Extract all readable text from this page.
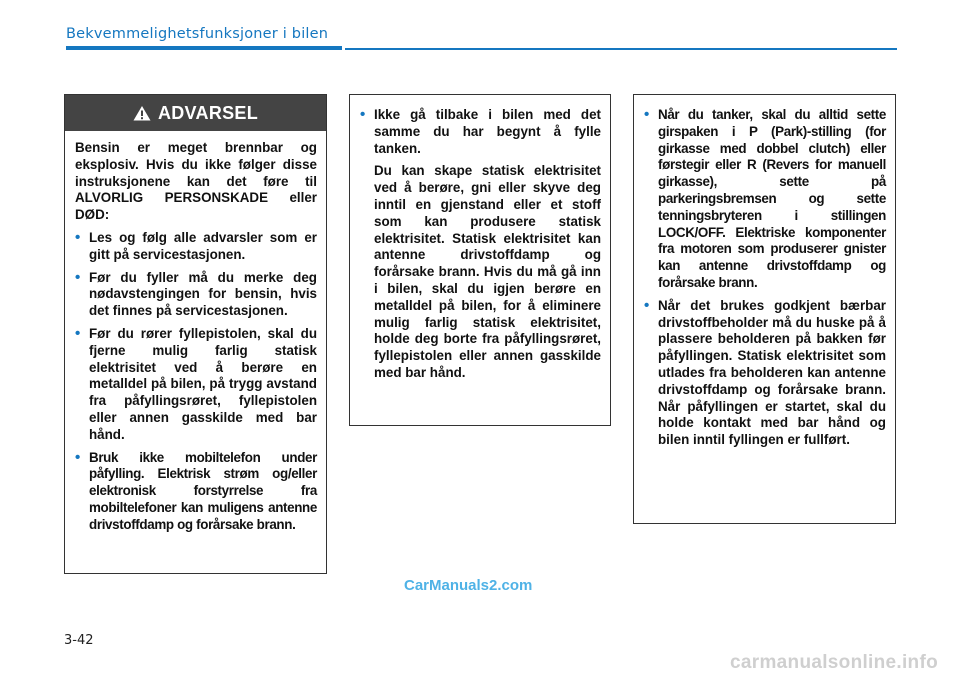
Bekvemmelighetsfunksjoner i bilen
ADVARSEL

Bensin er meget brennbar og eksplosiv. Hvis du ikke følger disse instruksjonene kan det føre til ALVORLIG PERSONSKADE eller DØD:

• Les og følg alle advarsler som er gitt på servicestasjonen.

• Før du fyller må du merke deg nødavstengingen for bensin, hvis det finnes på servicestasjonen.

• Før du rører fyllepistolen, skal du fjerne mulig farlig statisk elektrisitet ved å berøre en metalldel på bilen, på trygg avstand fra påfyllingsrøret, fyllepistolen eller annen gasskilde med bar hånd.

• Bruk ikke mobiltelefon under påfylling. Elektrisk strøm og/eller elektronisk forstyrrelse fra mobiltelefoner kan muligens antenne drivstoffdamp og forårsake brann.

• Ikke gå tilbake i bilen med det samme du har begynt å fylle tanken.

Du kan skape statisk elektrisitet ved å berøre, gni eller skyve deg inntil en gjenstand eller et stoff som kan produsere statisk elektrisitet. Statisk elektrisitet kan antenne drivstoffdamp og forårsake brann. Hvis du må gå inn i bilen, skal du igjen berøre en metalldel på bilen, for å eliminere mulig farlig statisk elektrisitet, holde deg borte fra påfyllingsrøret, fyllepistolen eller annen gasskilde med bar hånd.

• Når du tanker, skal du alltid sette girspaken i P (Park)-stilling (for girkasse med dobbel clutch) eller førstegir eller R (Revers for manuell girkasse), sette på parkeringsbremsen og sette tenningsbryteren i stillingen LOCK/OFF. Elektriske komponenter fra motoren som produserer gnister kan antenne drivstoffdamp og forårsake brann.

• Når det brukes godkjent bærbar drivstoffbeholder må du huske på å plassere beholderen på bakken før påfyllingen. Statisk elektrisitet som utlades fra beholderen kan antenne drivstoffdamp og forårsake brann. Når påfyllingen er startet, skal du holde kontakt med bar hånd og bilen inntil fyllingen er fullført.

CarManuals2.com
3-42
carmanualsonline.info
